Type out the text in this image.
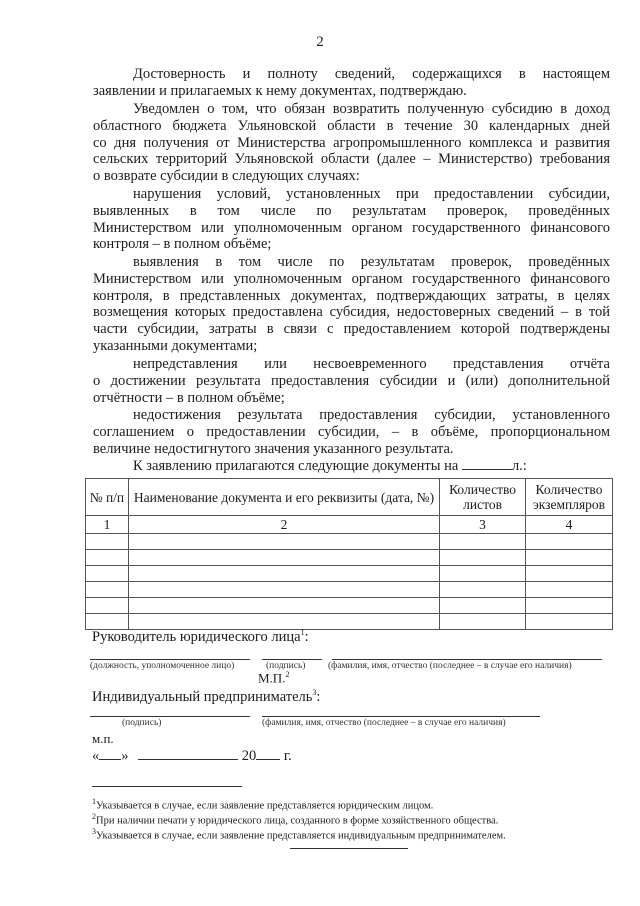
2
Достоверность и полноту сведений, содержащихся в настоящем
заявлении и прилагаемых к нему документах, подтверждаю.
Уведомлен о том, что обязан возвратить полученную субсидию в доход
областного бюджета Ульяновской области в течение 30 календарных дней
со дня получения от Министерства агропромышленного комплекса и развития
сельских территорий Ульяновской области (далее – Министерство) требования
о возврате субсидии в следующих случаях:
нарушения условий, установленных при предоставлении субсидии,
выявленных в том числе по результатам проверок, проведённых
Министерством или уполномоченным органом государственного финансового
контроля – в полном объёме;
выявления в том числе по результатам проверок, проведённых
Министерством или уполномоченным органом государственного финансового
контроля, в представленных документах, подтверждающих затраты, в целях
возмещения которых предоставлена субсидия, недостоверных сведений – в той
части субсидии, затраты в связи с предоставлением которой подтверждены
указанными документами;
непредставления или несвоевременного представления отчёта
о достижении результата предоставления субсидии и (или) дополнительной
отчётности – в полном объёме;
недостижения результата предоставления субсидии, установленного
соглашением о предоставлении субсидии, – в объёме, пропорциональном
величине недостигнутого значения указанного результата.
К заявлению прилагаются следующие документы на	л.:
№ п/п	Наименование документа и его реквизиты (дата, №)	Количество листов	Количество экземпляров
1	2	3	4

Руководитель юридического лица$^1$:
(должность, уполномоченное лицо)	(подпись) (фамилия, имя, отчество (последнее – в случае его наличия)
М.П.$^2$
Индивидуальный предприниматель$^3$:
(подпись)	(фамилия, имя, отчество (последнее – в случае его наличия)
м.п.
« »	20 г.
$^1$Указывается в случае, если заявление представляется юридическим лицом.
$^2$При наличии печати у юридического лица, созданного в форме хозяйственного общества.
$^3$Указывается в случае, если заявление представляется индивидуальным предпринимателем.
